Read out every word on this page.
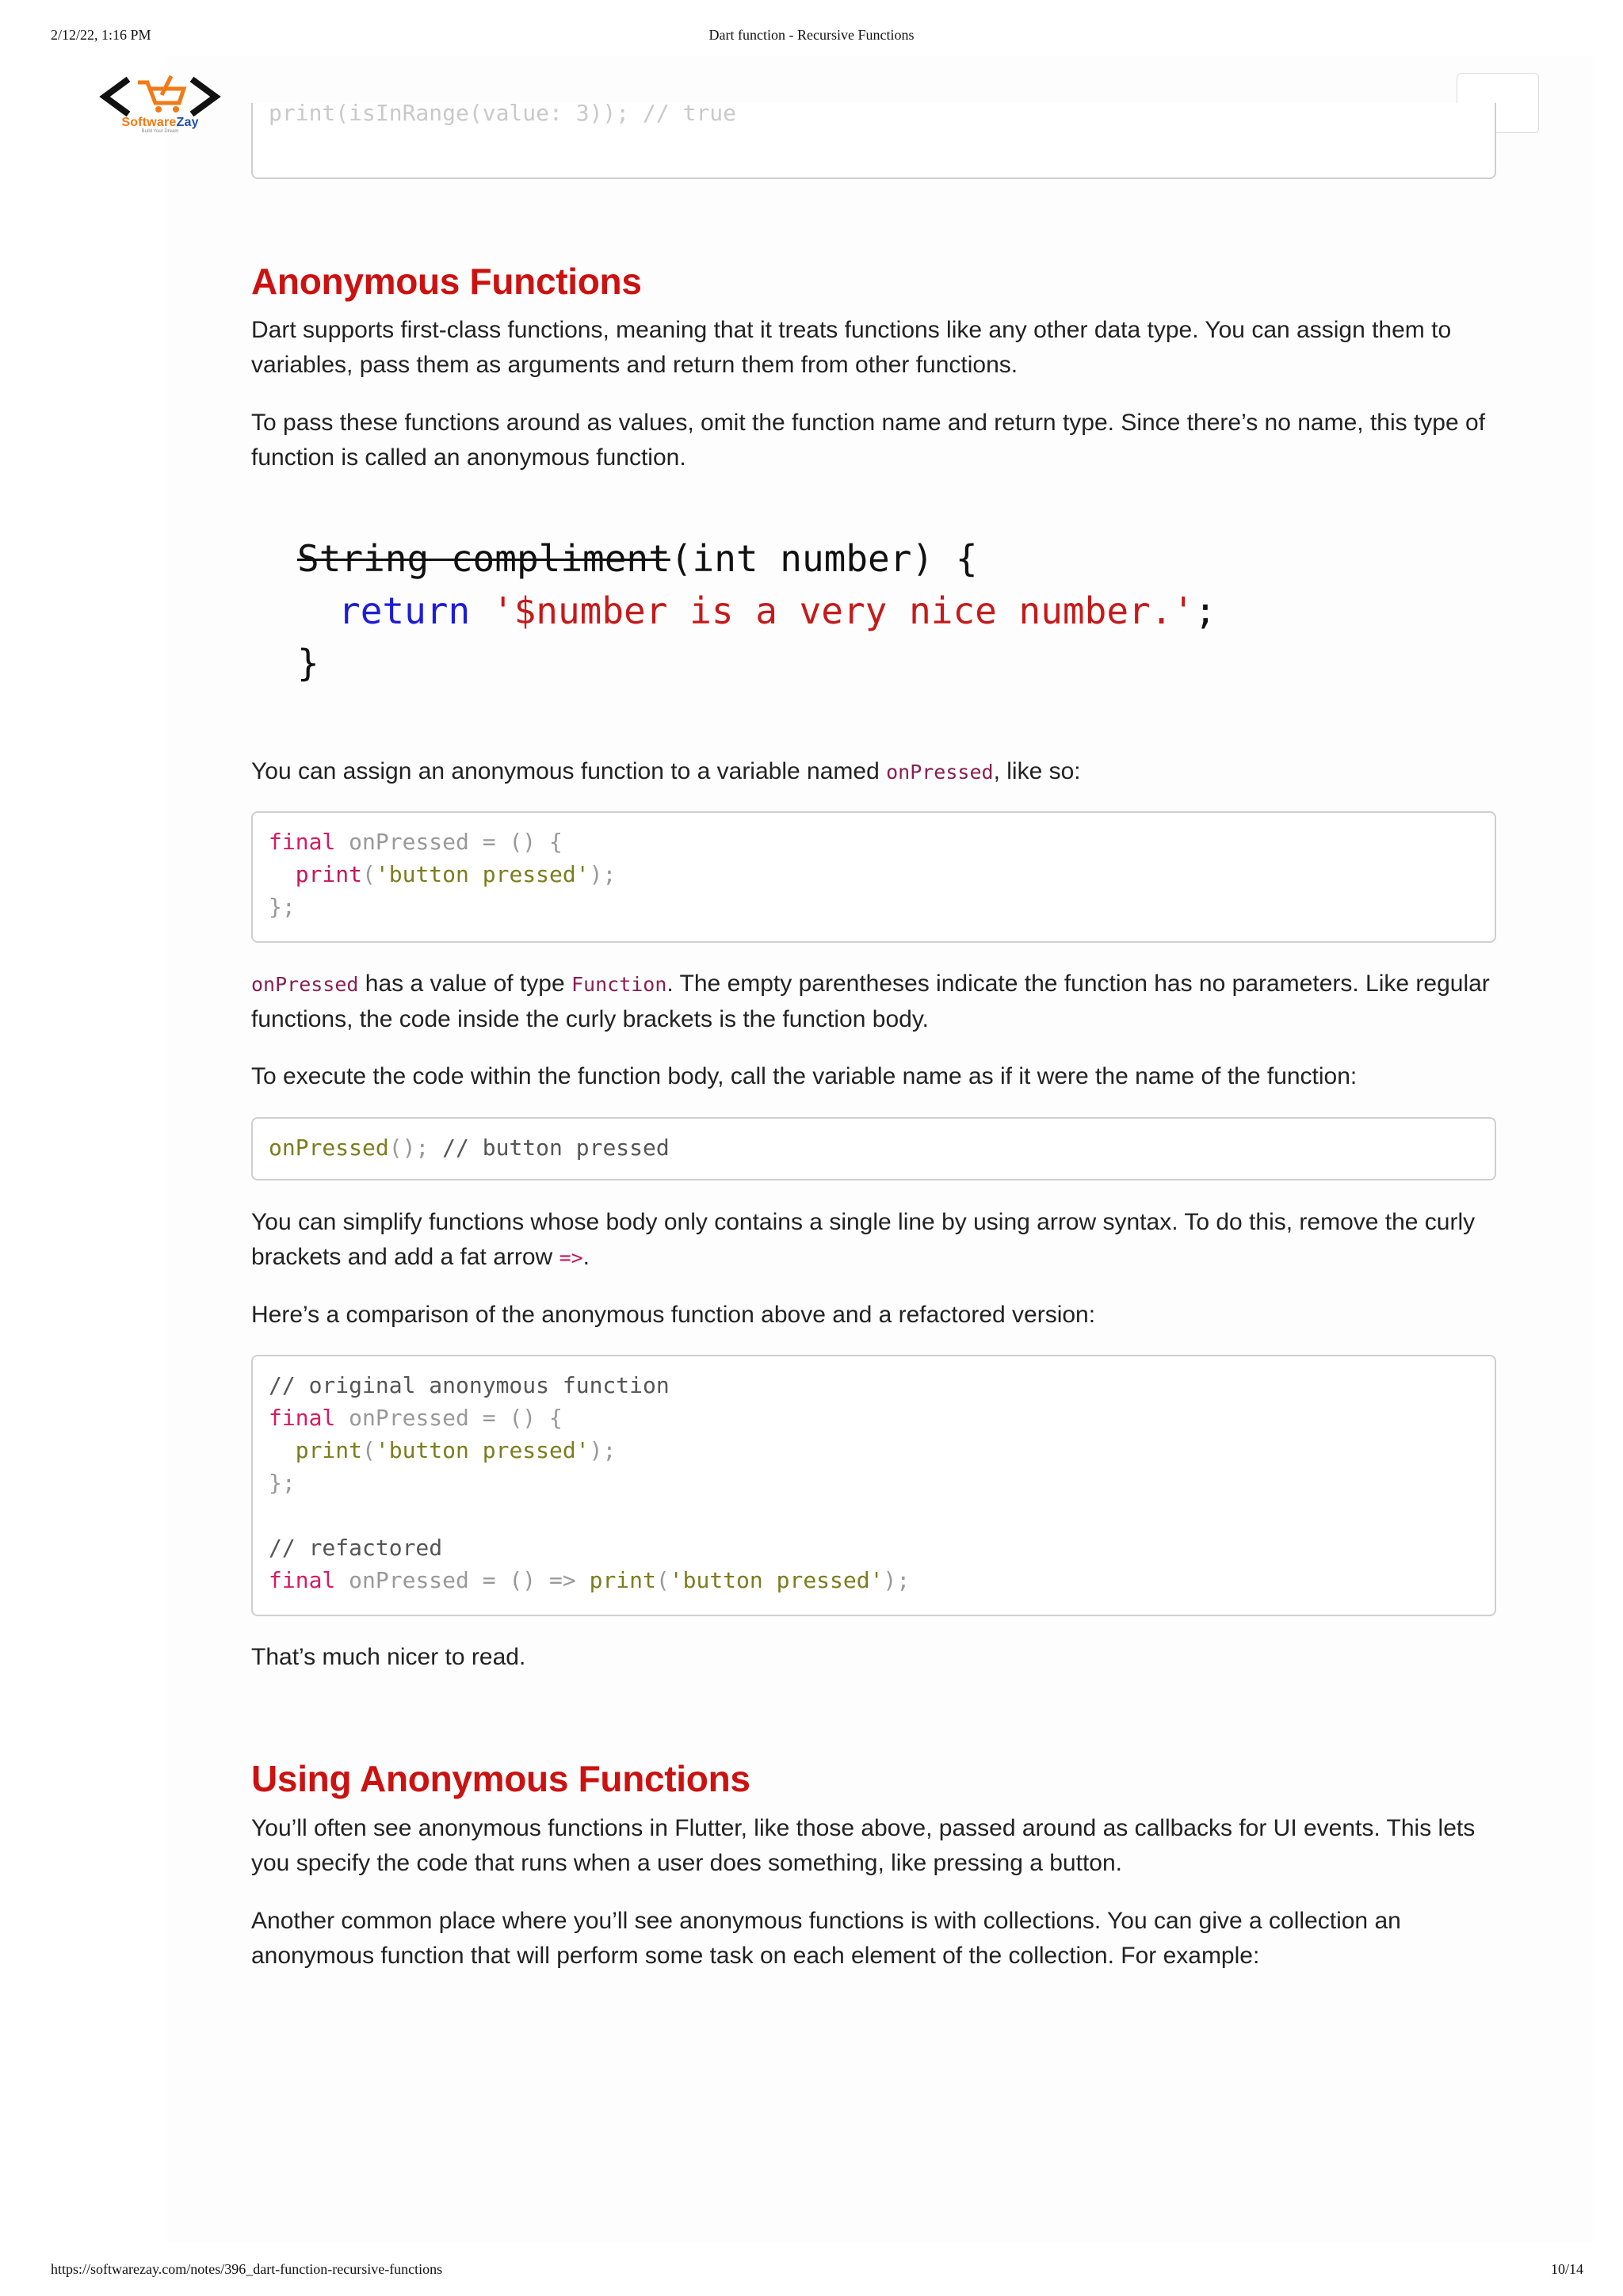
2/12/22, 1:16 PM	Dart function - Recursive Functions
SoftwareZay
Build Your Dream
print(isInRange(value: 3)); // true
Anonymous Functions

Dart supports first-class functions, meaning that it treats functions like any other data type. You can assign them to variables, pass them as arguments and return them from other functions.

To pass these functions around as values, omit the function name and return type. Since there’s no name, this type of function is called an anonymous function.

String compliment(int number) {
return '$number is a very nice number.';
}

You can assign an anonymous function to a variable named onPressed, like so:

final onPressed = () {
print('button pressed');
};

onPressed has a value of type Function. The empty parentheses indicate the function has no parameters. Like regular functions, the code inside the curly brackets is the function body.

To execute the code within the function body, call the variable name as if it were the name of the function:

onPressed(); // button pressed

You can simplify functions whose body only contains a single line by using arrow syntax. To do this, remove the curly brackets and add a fat arrow =>.

Here’s a comparison of the anonymous function above and a refactored version:

// original anonymous function
final onPressed = () {
print('button pressed');
};
// refactored
final onPressed = () => print('button pressed');

That’s much nicer to read.

Using Anonymous Functions

You’ll often see anonymous functions in Flutter, like those above, passed around as callbacks for UI events. This lets you specify the code that runs when a user does something, like pressing a button.

Another common place where you’ll see anonymous functions is with collections. You can give a collection an anonymous function that will perform some task on each element of the collection. For example:

https://softwarezay.com/notes/396_dart-function-recursive-functions	10/14
